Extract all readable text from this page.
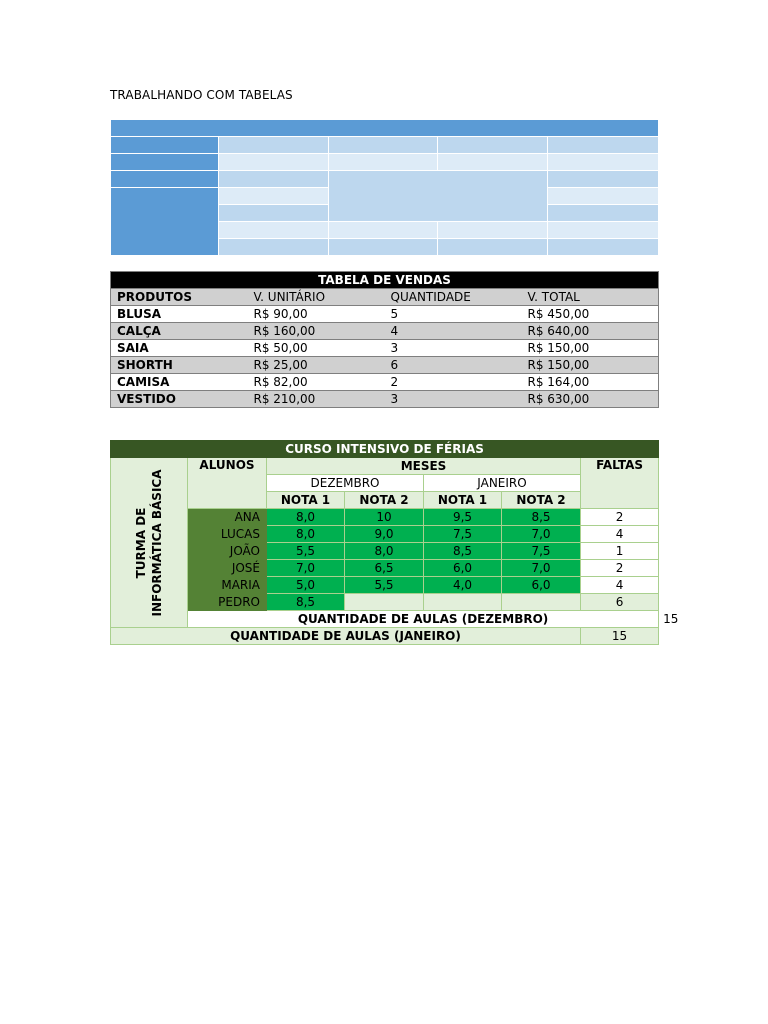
TRABALHANDO COM TABELAS

TABELA DE VENDAS			
PRODUTOS	V. UNITÁRIO	QUANTIDADE	V. TOTAL
BLUSA	R$ 90,00	5	R$ 450,00
CALÇA	R$ 160,00	4	R$ 640,00
SAIA	R$ 50,00	3	R$ 150,00
SHORTH	R$ 25,00	6	R$ 150,00
CAMISA	R$ 82,00	2	R$ 164,00
VESTIDO	R$ 210,00	3	R$ 630,00
CURSO INTENSIVO DE FÉRIAS							

TURMA DE INFORMÁTICA BÁSICA	ALUNOS	MESES				FALTAS	
		DEZEMBRO		JANEIRO			
		NOTA 1	NOTA 2	NOTA 1	NOTA 2		
	ANA	8,0	10	9,5	8,5	2	
	LUCAS	8,0	9,0	7,5	7,0	4	
	JOÃO	5,5	8,0	8,5	7,5	1	
	JOSÉ	7,0	6,5	6,0	7,0	2	
	MARIA	5,0	5,5	4,0	6,0	4	
	PEDRO	8,5				6	
	QUANTIDADE DE AULAS (DEZEMBRO)						15
QUANTIDADE DE AULAS (JANEIRO)						15	
